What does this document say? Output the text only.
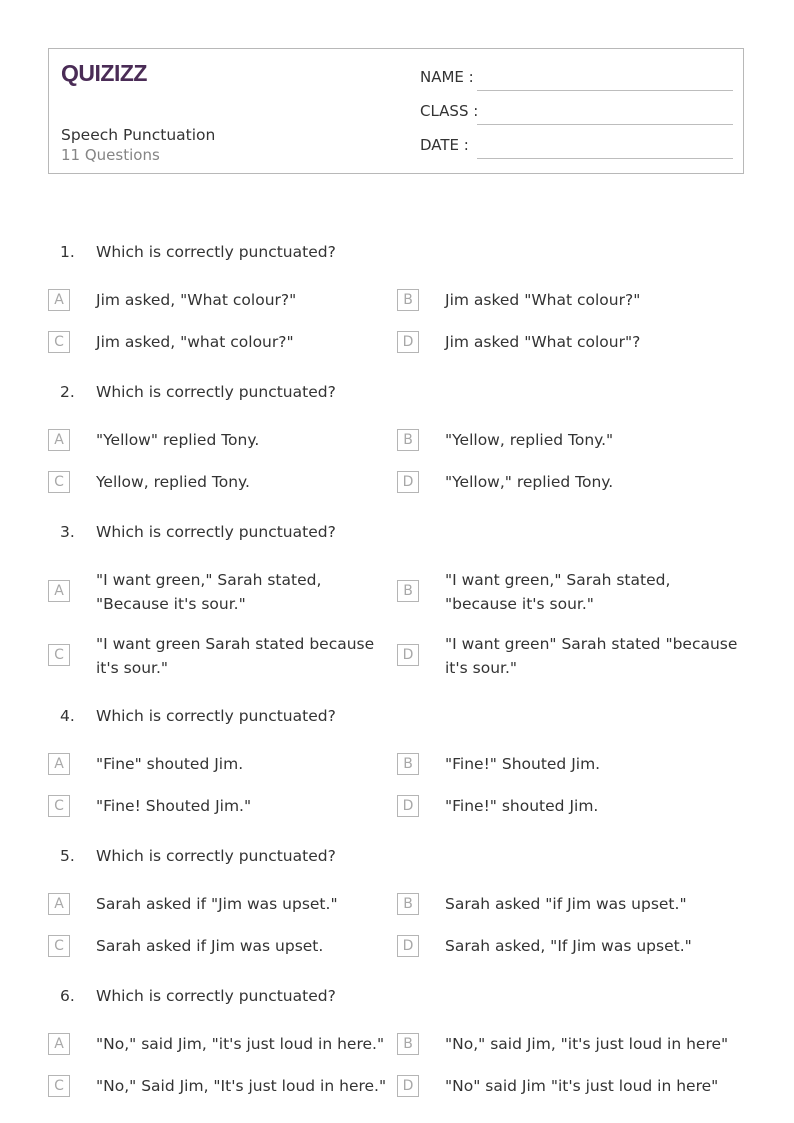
QUIZIZZ
Speech Punctuation
11 Questions
NAME :
CLASS :
DATE :
1.	Which is correctly punctuated?
A	Jim asked, "What colour?"	B	Jim asked "What colour?"
C	Jim asked, "what colour?"	D	Jim asked "What colour"?
2.	Which is correctly punctuated?
A	"Yellow" replied Tony.	B	"Yellow, replied Tony."
C	Yellow, replied Tony.	D	"Yellow," replied Tony.
3.	Which is correctly punctuated?
A
"I want green," Sarah stated, "Because it's sour."
B
"I want green," Sarah stated, "because it's sour."
C
"I want green Sarah stated because it's sour."
D
"I want green" Sarah stated "because it's sour."
4.	Which is correctly punctuated?
A	"Fine" shouted Jim.	B	"Fine!" Shouted Jim.
C	"Fine! Shouted Jim."	D	"Fine!" shouted Jim.
5.	Which is correctly punctuated?
A	Sarah asked if "Jim was upset."	B	Sarah asked "if Jim was upset."
C	Sarah asked if Jim was upset.	D	Sarah asked, "If Jim was upset."
6.	Which is correctly punctuated?
A	"No," said Jim, "it's just loud in here."	B	"No," said Jim, "it's just loud in here"
C	"No," Said Jim, "It's just loud in here."	D	"No" said Jim "it's just loud in here"
